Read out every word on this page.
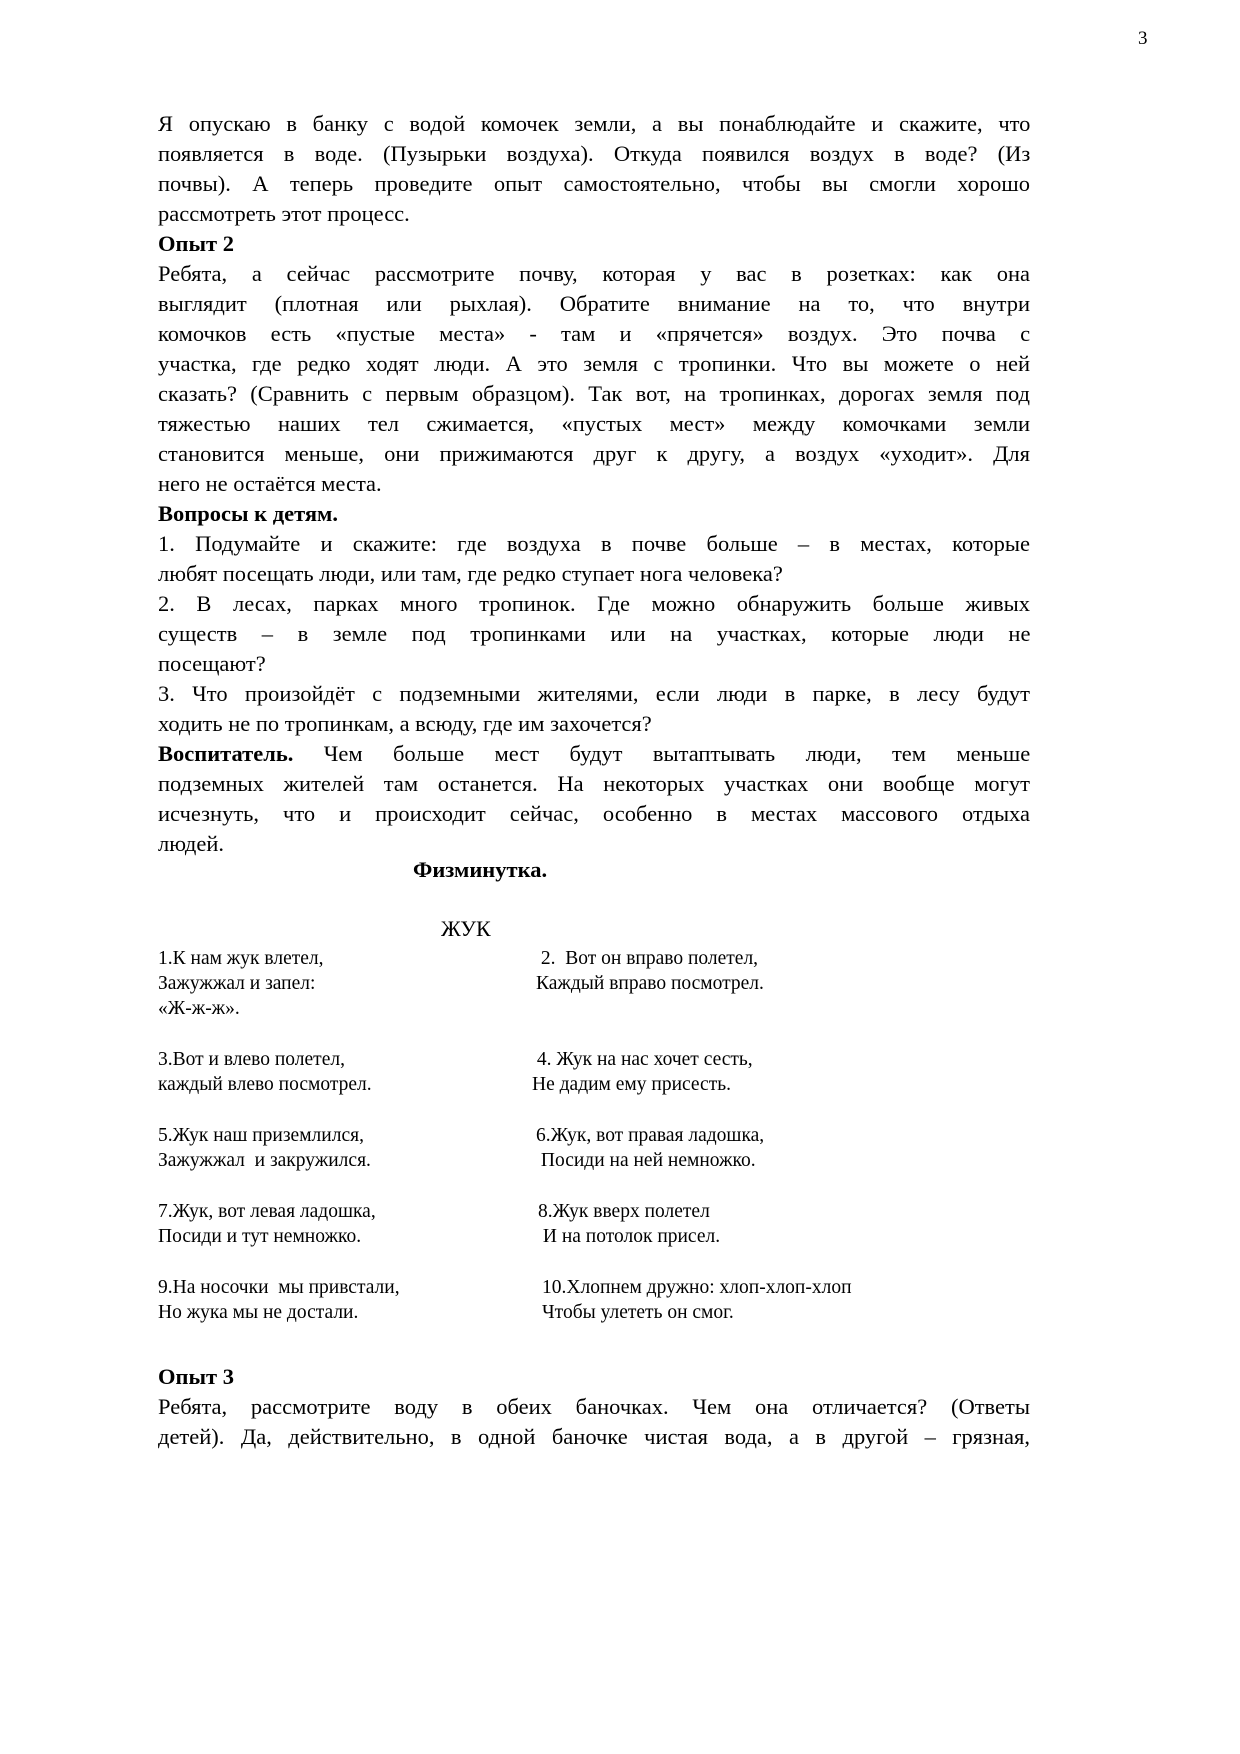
3

Я опускаю в банку с водой комочек земли, а вы понаблюдайте и скажите, что
появляется в воде. (Пузырьки воздуха). Откуда появился воздух в воде? (Из
почвы). А теперь проведите опыт самостоятельно, чтобы вы смогли хорошо
рассмотреть этот процесс.

Опыт 2

Ребята, а сейчас рассмотрите почву, которая у вас в розетках: как она
выглядит (плотная или рыхлая). Обратите внимание на то, что внутри
комочков есть «пустые места» - там и «прячется» воздух. Это почва с
участка, где редко ходят люди. А это земля с тропинки. Что вы можете о ней
сказать? (Сравнить с первым образцом). Так вот, на тропинках, дорогах земля под
тяжестью наших тел сжимается, «пустых мест» между комочками земли
становится меньше, они прижимаются друг к другу, а воздух «уходит». Для
него не остаётся места.

Вопросы к детям.

1. Подумайте и скажите: где воздуха в почве больше – в местах, которые
любят посещать люди, или там, где редко ступает нога человека?

2. В лесах, парках много тропинок. Где можно обнаружить больше живых
существ – в земле под тропинками или на участках, которые люди не
посещают?

3. Что произойдёт с подземными жителями, если люди в парке, в лесу будут
ходить не по тропинкам, а всюду, где им захочется?

Воспитатель. Чем больше мест будут вытаптывать люди, тем меньше
подземных жителей там останется. На некоторых участках они вообще могут
исчезнуть, что и происходит сейчас, особенно в местах массового отдыха
людей.

Физминутка.
ЖУК
1.К нам жук влетел,
Зажужжал и запел:
«Ж-ж-ж».
2.  Вот он вправо полетел,
Каждый вправо посмотрел.
3.Вот и влево полетел,
каждый влево посмотрел.
4. Жук на нас хочет сесть,
Не дадим ему присесть.
5.Жук наш приземлился,
Зажужжал  и закружился.
6.Жук, вот правая ладошка,
Посиди на ней немножко.
7.Жук, вот левая ладошка,
Посиди и тут немножко.
8.Жук вверх полетел
И на потолок присел.
9.На носочки  мы привстали,
Но жука мы не достали.
10.Хлопнем дружно: хлоп-хлоп-хлоп
Чтобы улететь он смог.

Опыт 3

Ребята, рассмотрите воду в обеих баночках. Чем она отличается? (Ответы
детей). Да, действительно, в одной баночке чистая вода, а в другой – грязная,
